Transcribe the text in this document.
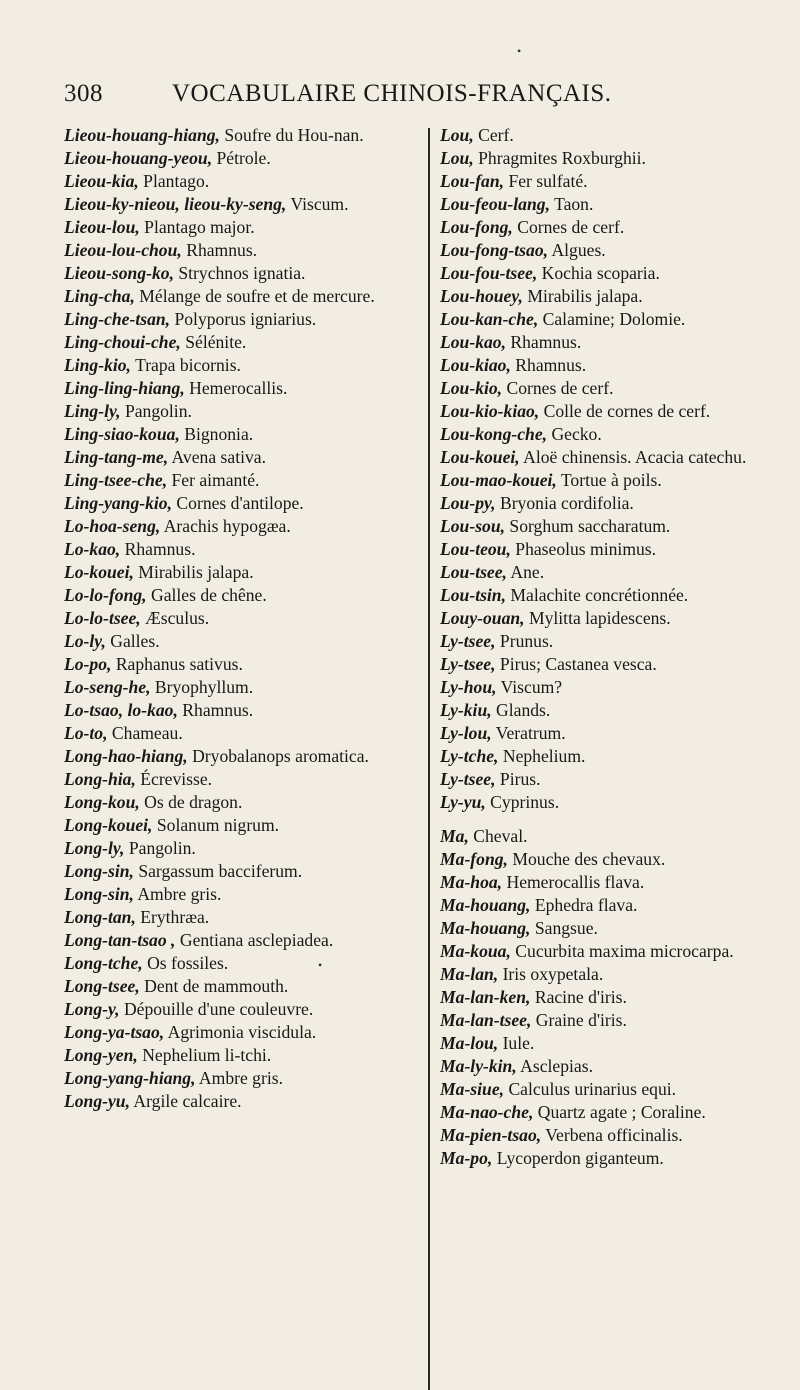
•
308	VOCABULAIRE CHINOIS-FRANÇAIS.
•

Lieou-houang-hiang, Soufre du Hou-nan.

Lieou-houang-yeou, Pétrole.

Lieou-kia, Plantago.

Lieou-ky-nieou, lieou-ky-seng, Viscum.

Lieou-lou, Plantago major.

Lieou-lou-chou, Rhamnus.

Lieou-song-ko, Strychnos ignatia.

Ling-cha, Mélange de soufre et de mercure.

Ling-che-tsan, Polyporus igniarius.

Ling-choui-che, Sélénite.

Ling-kio, Trapa bicornis.

Ling-ling-hiang, Hemerocallis.

Ling-ly, Pangolin.

Ling-siao-koua, Bignonia.

Ling-tang-me, Avena sativa.

Ling-tsee-che, Fer aimanté.

Ling-yang-kio, Cornes d'antilope.

Lo-hoa-seng, Arachis hypogæa.

Lo-kao, Rhamnus.

Lo-kouei, Mirabilis jalapa.

Lo-lo-fong, Galles de chêne.

Lo-lo-tsee, Æsculus.

Lo-ly, Galles.

Lo-po, Raphanus sativus.

Lo-seng-he, Bryophyllum.

Lo-tsao, lo-kao, Rhamnus.

Lo-to, Chameau.

Long-hao-hiang, Dryobalanops aromatica.

Long-hia, Écrevisse.

Long-kou, Os de dragon.

Long-kouei, Solanum nigrum.

Long-ly, Pangolin.

Long-sin, Sargassum bacciferum.

Long-sin, Ambre gris.

Long-tan, Erythræa.

Long-tan-tsao , Gentiana asclepiadea.

Long-tche, Os fossiles.

Long-tsee, Dent de mammouth.

Long-y, Dépouille d'une couleuvre.

Long-ya-tsao, Agrimonia viscidula.

Long-yen, Nephelium li-tchi.

Long-yang-hiang, Ambre gris.

Long-yu, Argile calcaire.

Lou, Cerf.

Lou, Phragmites Roxburghii.

Lou-fan, Fer sulfaté.

Lou-feou-lang, Taon.

Lou-fong, Cornes de cerf.

Lou-fong-tsao, Algues.

Lou-fou-tsee, Kochia scoparia.

Lou-houey, Mirabilis jalapa.

Lou-kan-che, Calamine; Dolomie.

Lou-kao, Rhamnus.

Lou-kiao, Rhamnus.

Lou-kio, Cornes de cerf.

Lou-kio-kiao, Colle de cornes de cerf.

Lou-kong-che, Gecko.

Lou-kouei, Aloë chinensis. Acacia catechu.

Lou-mao-kouei, Tortue à poils.

Lou-py, Bryonia cordifolia.

Lou-sou, Sorghum saccharatum.

Lou-teou, Phaseolus minimus.

Lou-tsee, Ane.

Lou-tsin, Malachite concrétionnée.

Louy-ouan, Mylitta lapidescens.

Ly-tsee, Prunus.

Ly-tsee, Pirus; Castanea vesca.

Ly-hou, Viscum?

Ly-kiu, Glands.

Ly-lou, Veratrum.

Ly-tche, Nephelium.

Ly-tsee, Pirus.

Ly-yu, Cyprinus.

Ma, Cheval.

Ma-fong, Mouche des chevaux.

Ma-hoa, Hemerocallis flava.

Ma-houang, Ephedra flava.

Ma-houang, Sangsue.

Ma-koua, Cucurbita maxima microcarpa.

Ma-lan, Iris oxypetala.

Ma-lan-ken, Racine d'iris.

Ma-lan-tsee, Graine d'iris.

Ma-lou, Iule.

Ma-ly-kin, Asclepias.

Ma-siue, Calculus urinarius equi.

Ma-nao-che, Quartz agate ; Coraline.

Ma-pien-tsao, Verbena officinalis.

Ma-po, Lycoperdon giganteum.
